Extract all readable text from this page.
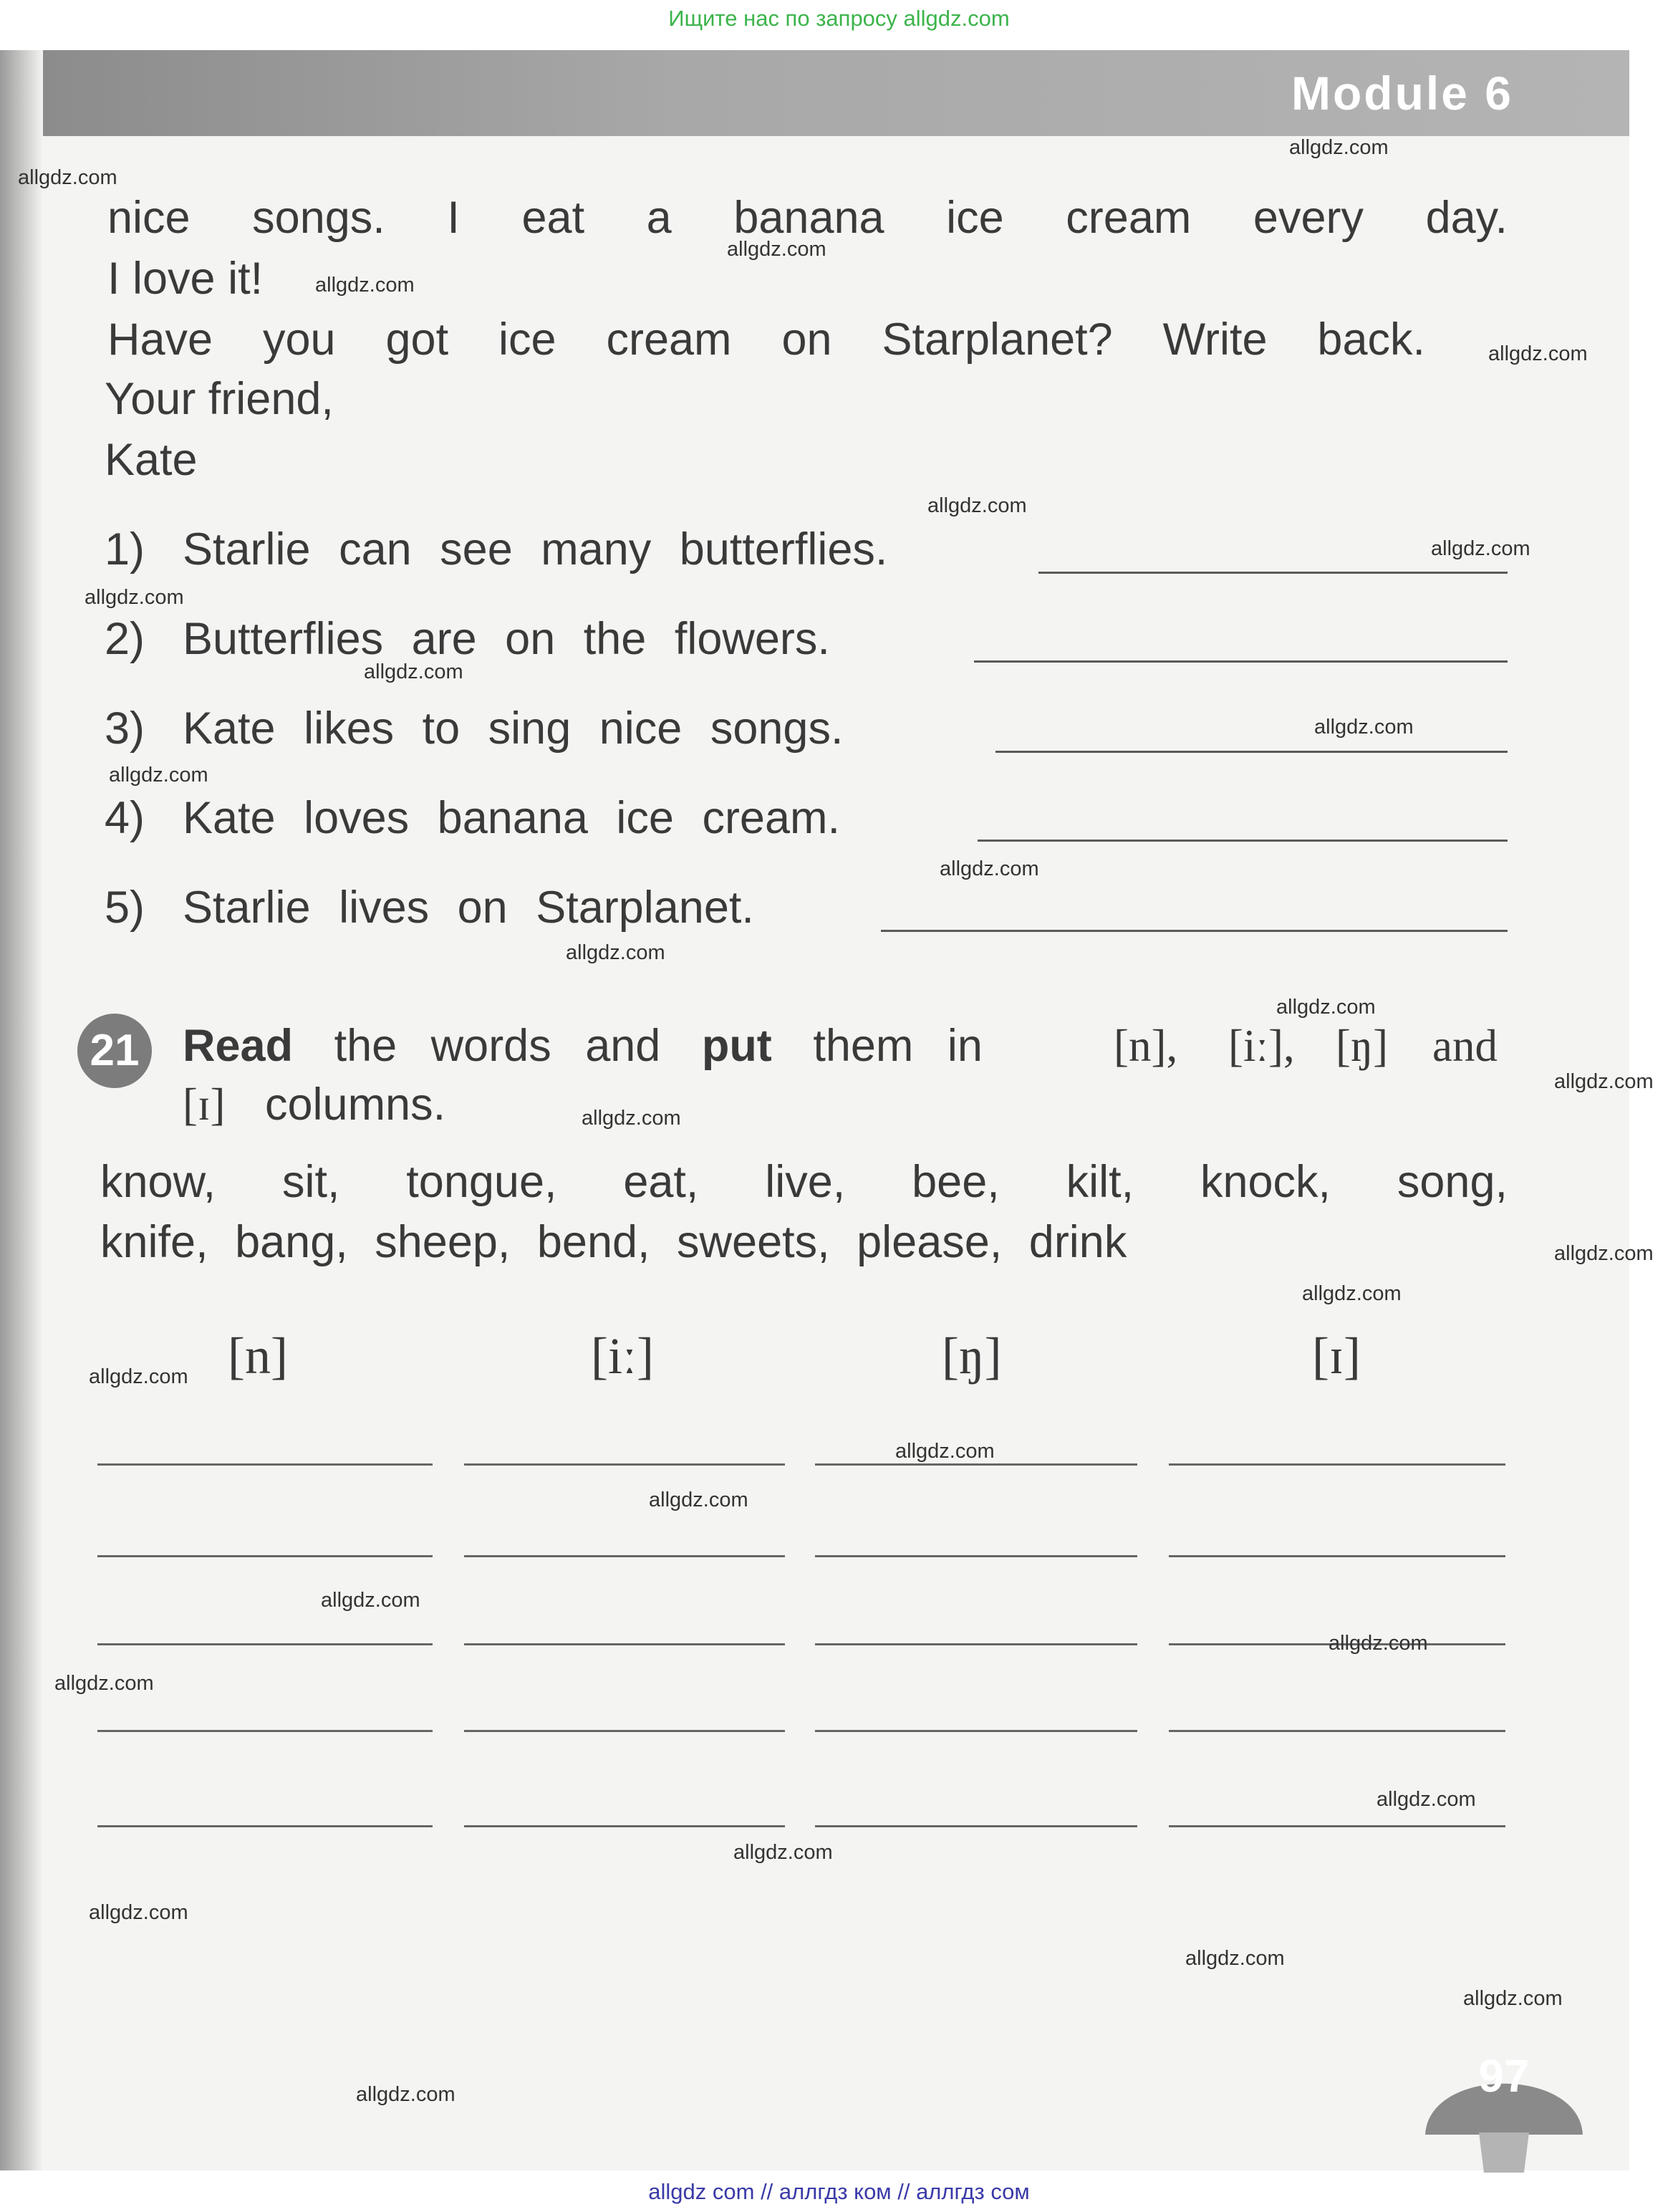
Ищите нас по запросу allgdz.com
Module 6
nice songs. I eat a banana ice cream every day.
I love it!
Have you got ice cream on Starplanet? Write back.
Your friend,
Kate
1) Starlie can see many butterflies.
2) Butterflies are on the flowers.
3) Kate likes to sing nice songs.
4) Kate loves banana ice cream.
5) Starlie lives on Starplanet.
21 Read the words and put them in	[n], [iː], [ŋ] and
[ɪ] columns.
know, sit, tongue, eat, live, bee, kilt, knock, song,
knife, bang, sheep, bend, sweets, please, drink
[n]	[iː]	[ŋ]	[ɪ]
97
allgdz.com
allgdz.com
allgdz.com
allgdz.com
allgdz.com
allgdz.com
allgdz.com
allgdz.com
allgdz.com
allgdz.com
allgdz.com
allgdz.com
allgdz.com
allgdz.com
allgdz.com
allgdz.com
allgdz.com
allgdz.com
allgdz.com
allgdz.com
allgdz.com
allgdz.com
allgdz.com
allgdz.com
allgdz.com
allgdz.com
allgdz.com
allgdz.com
allgdz.com
allgdz.com
allgdz com // аллгдз ком // аллгдз сом
